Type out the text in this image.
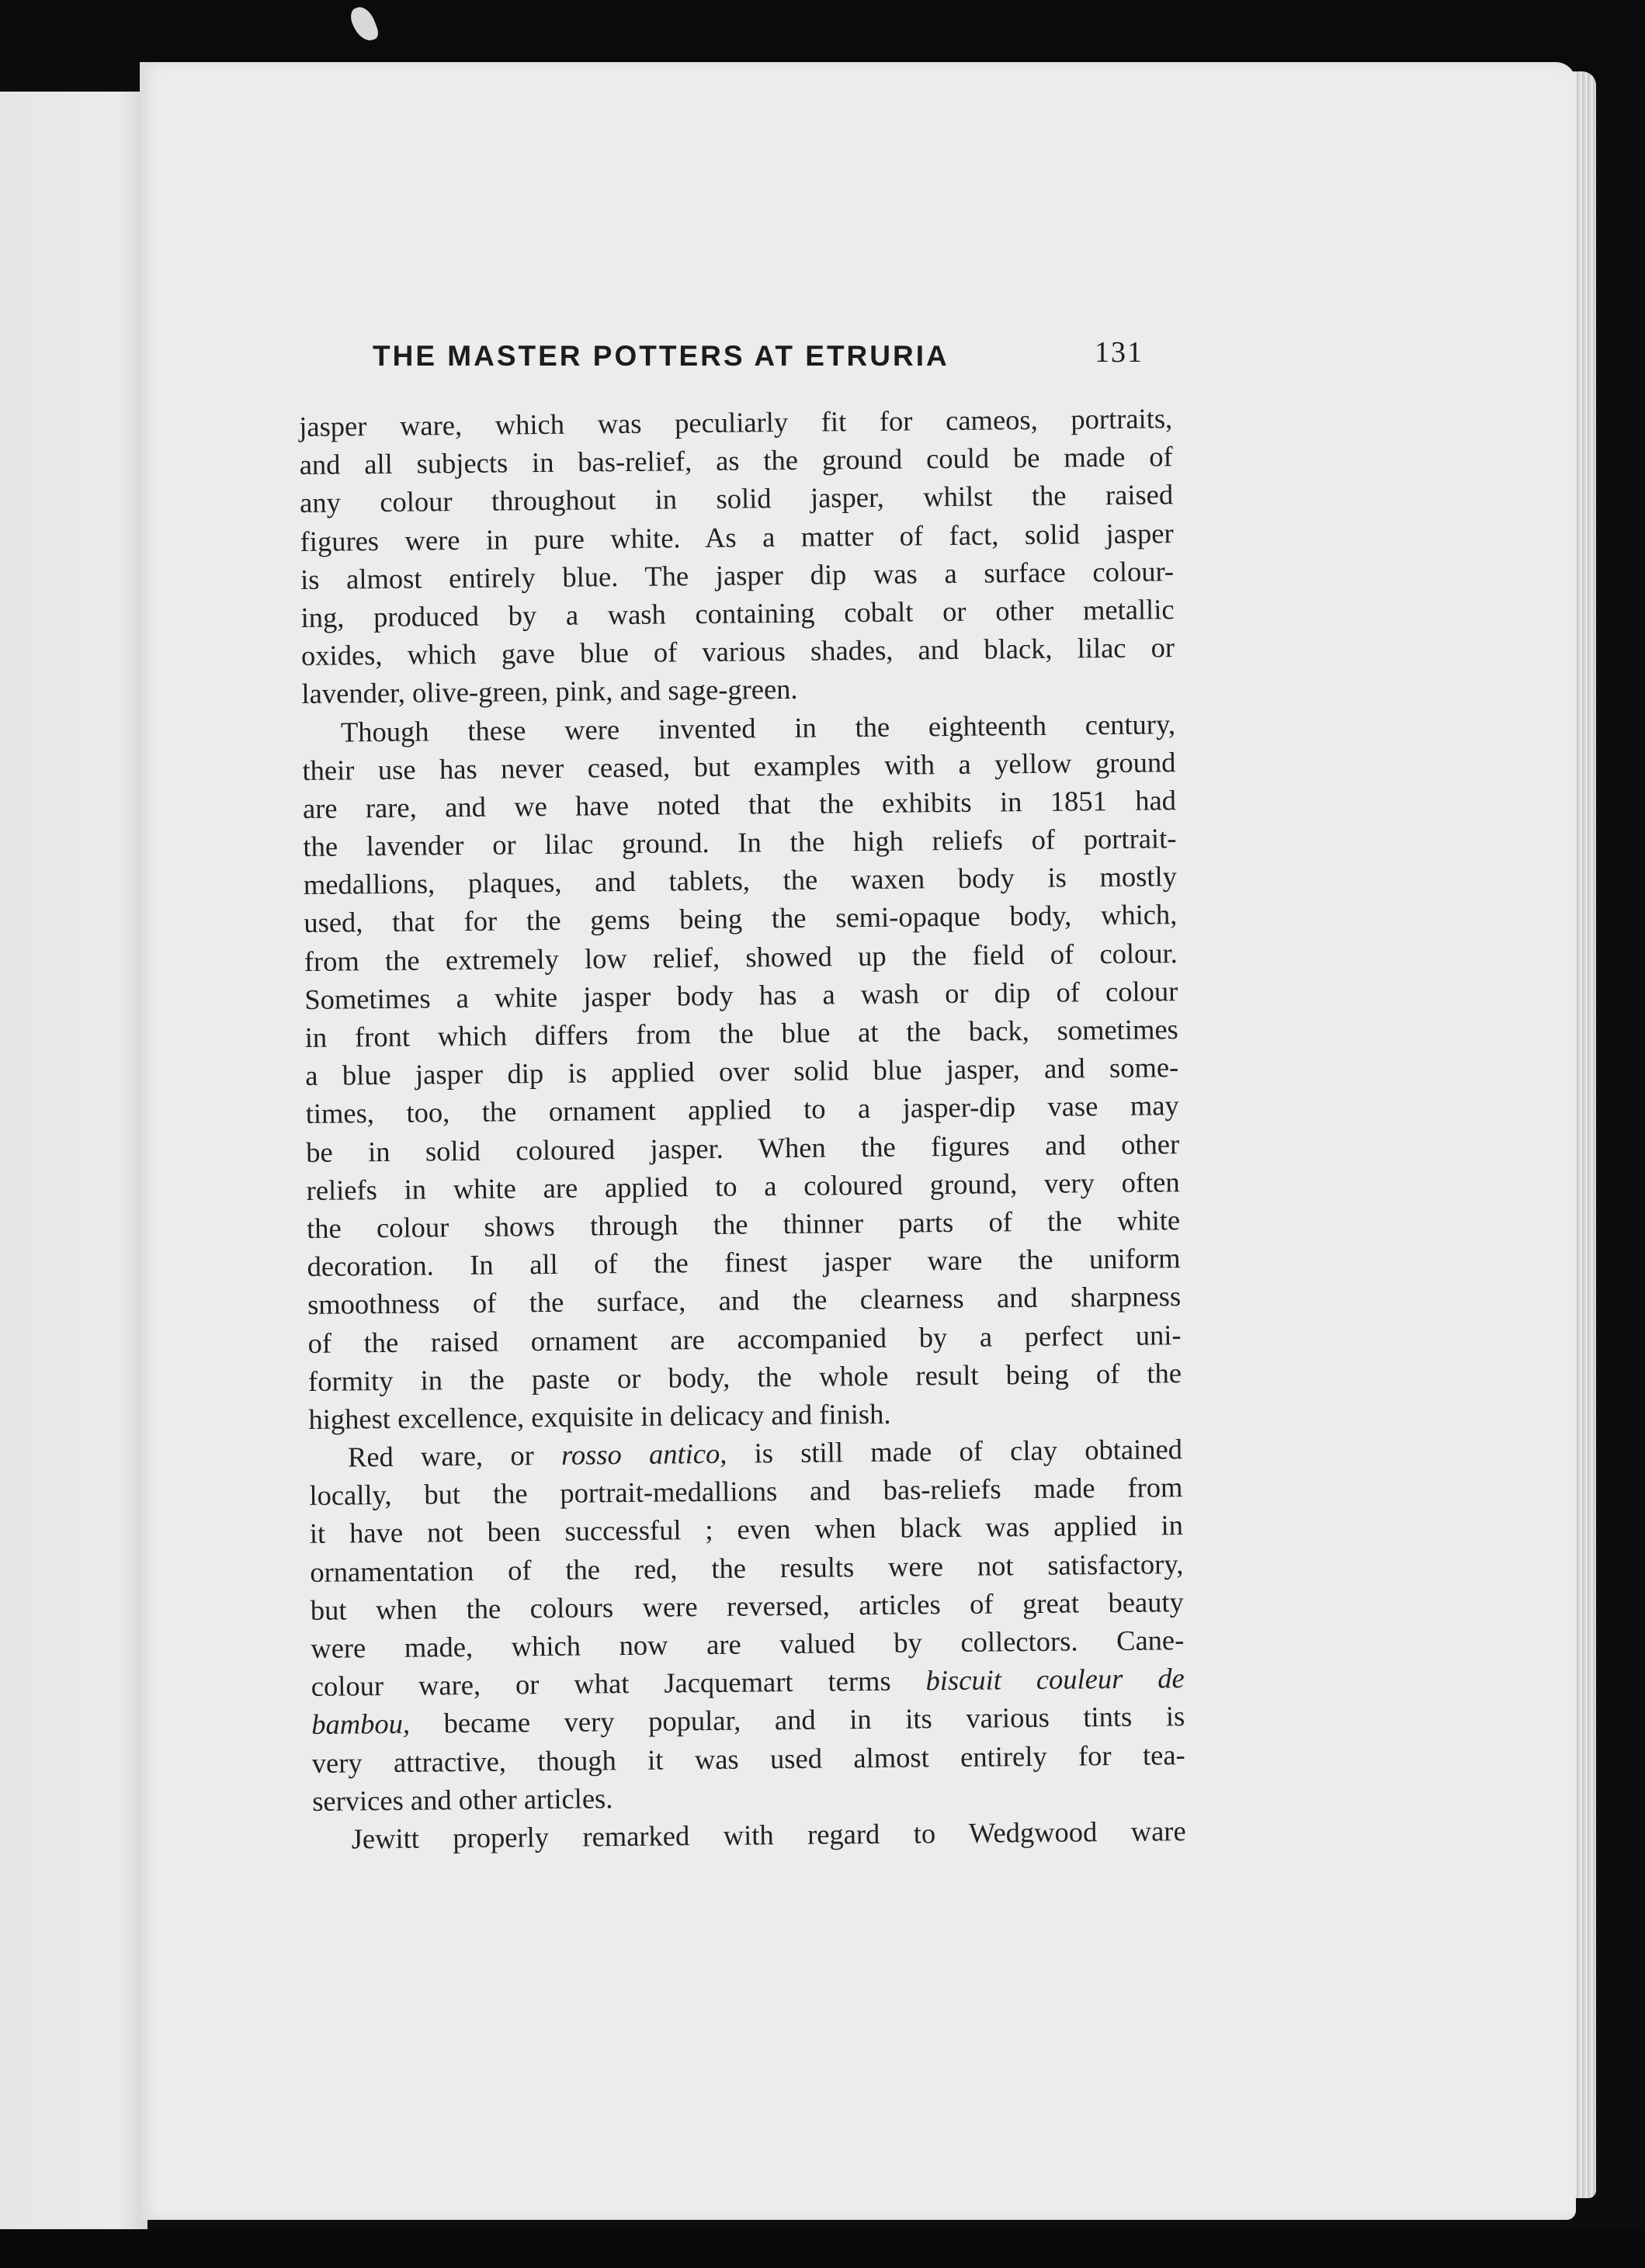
THE MASTER POTTERS AT ETRURIA	131
jasper ware, which was peculiarly fit for cameos, portraits,
and all subjects in bas-relief, as the ground could be made of
any colour throughout in solid jasper, whilst the raised
figures were in pure white. As a matter of fact, solid jasper
is almost entirely blue. The jasper dip was a surface colour-
ing, produced by a wash containing cobalt or other metallic
oxides, which gave blue of various shades, and black, lilac or
lavender, olive-green, pink, and sage-green.
Though these were invented in the eighteenth century,
their use has never ceased, but examples with a yellow ground
are rare, and we have noted that the exhibits in 1851 had
the lavender or lilac ground. In the high reliefs of portrait-
medallions, plaques, and tablets, the waxen body is mostly
used, that for the gems being the semi-opaque body, which,
from the extremely low relief, showed up the field of colour.
Sometimes a white jasper body has a wash or dip of colour
in front which differs from the blue at the back, sometimes
a blue jasper dip is applied over solid blue jasper, and some-
times, too, the ornament applied to a jasper-dip vase may
be in solid coloured jasper. When the figures and other
reliefs in white are applied to a coloured ground, very often
the colour shows through the thinner parts of the white
decoration. In all of the finest jasper ware the uniform
smoothness of the surface, and the clearness and sharpness
of the raised ornament are accompanied by a perfect uni-
formity in the paste or body, the whole result being of the
highest excellence, exquisite in delicacy and finish.
Red ware, or rosso antico, is still made of clay obtained
locally, but the portrait-medallions and bas-reliefs made from
it have not been successful ; even when black was applied in
ornamentation of the red, the results were not satisfactory,
but when the colours were reversed, articles of great beauty
were made, which now are valued by collectors. Cane-
colour ware, or what Jacquemart terms biscuit couleur de
bambou, became very popular, and in its various tints is
very attractive, though it was used almost entirely for tea-
services and other articles.
Jewitt properly remarked with regard to Wedgwood ware
